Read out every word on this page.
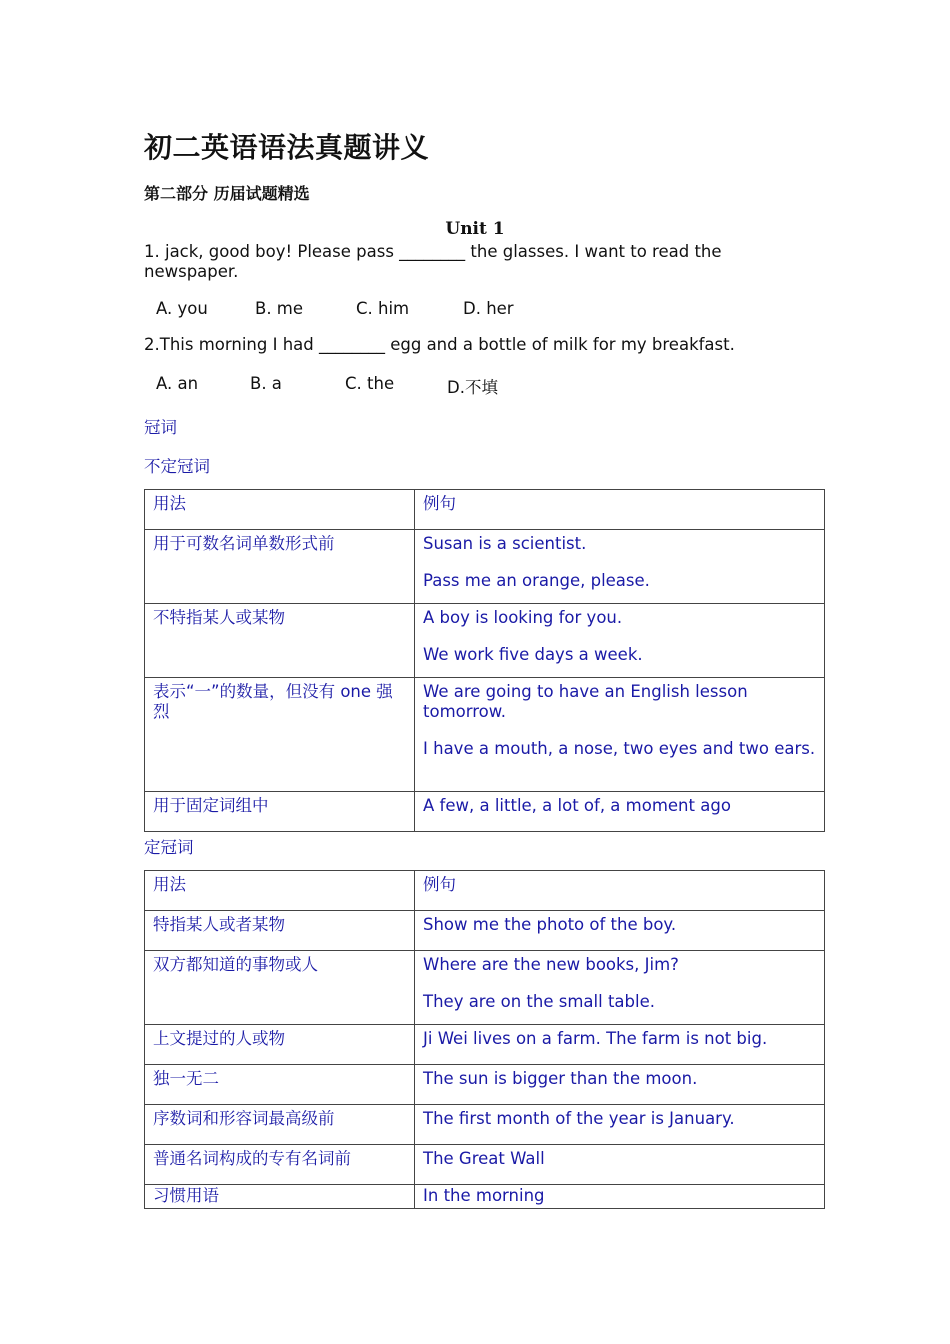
初二英语语法真题讲义
第二部分 历届试题精选
Unit 1
1. jack, good boy! Please pass ________ the glasses. I want to read the newspaper.
A. you	B. me	C. him	D. her
2.This morning I had ________ egg and a bottle of milk for my breakfast.
A. an	B. a	C. the	D.不填
冠词
不定冠词
用法	例句
用于可数名词单数形式前	Susan is a scientist.
Pass me an orange, please.

不特指某人或某物	A boy is looking for you.
We work five days a week.

表示“一”的数量，但没有 one 强烈	We are going to have an English lesson tomorrow.
I have a mouth, a nose, two eyes and two ears.

用于固定词组中	A few, a little, a lot of, a moment ago
定冠词
用法	例句
特指某人或者某物	Show me the photo of the boy.

双方都知道的事物或人	Where are the new books, Jim?
They are on the small table.

上文提过的人或物	Ji Wei lives on a farm. The farm is not big.

独一无二	The sun is bigger than the moon.

序数词和形容词最高级前	The first month of the year is January.

普通名词构成的专有名词前	The Great Wall

习惯用语	In the morning
